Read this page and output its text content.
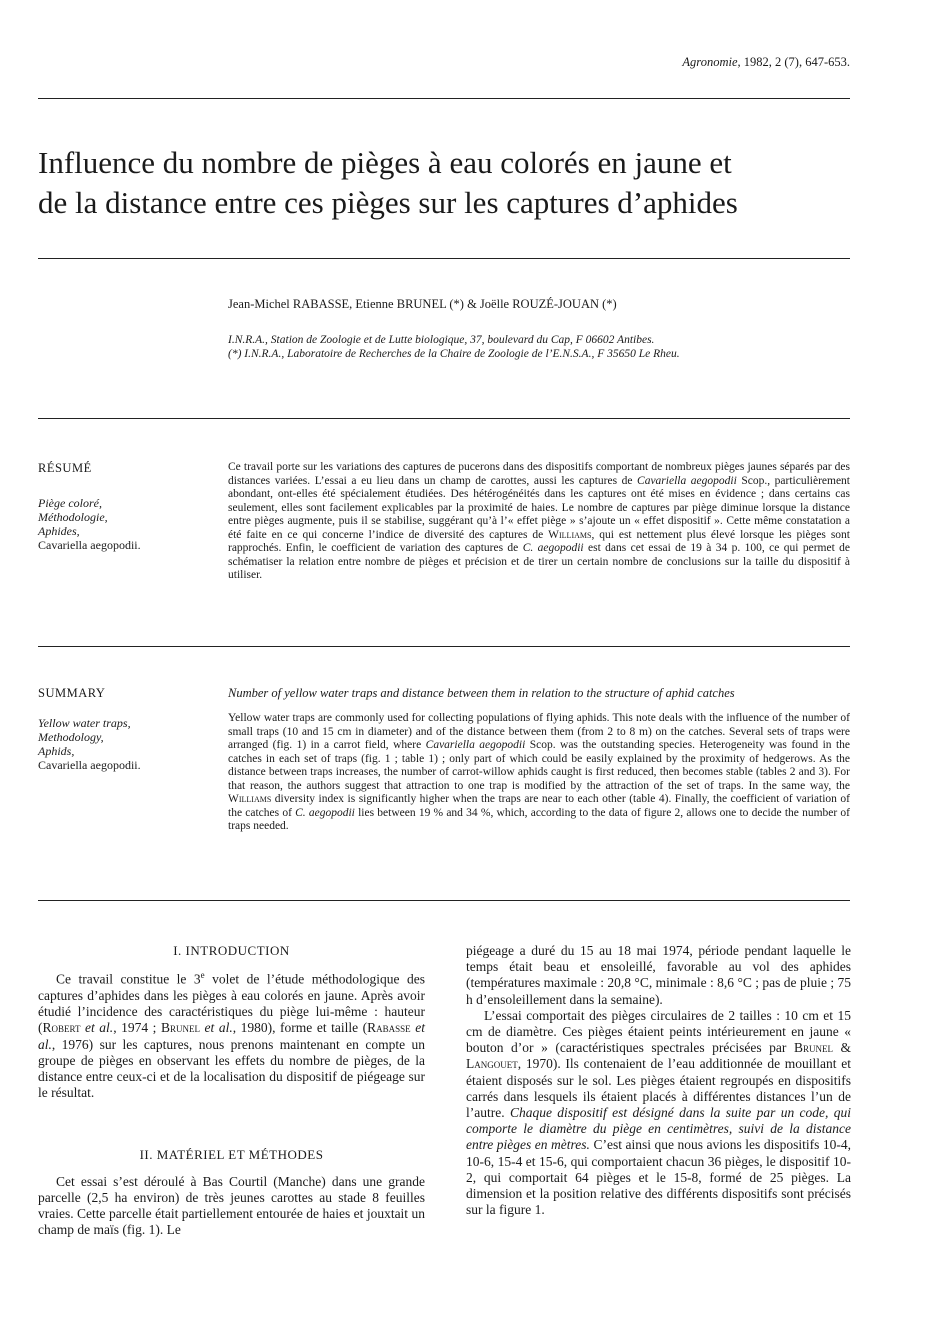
Agronomie, 1982, 2 (7), 647-653.
Influence du nombre de pièges à eau colorés en jaune et
de la distance entre ces pièges sur les captures d’aphides
Jean-Michel RABASSE, Etienne BRUNEL (*) & Joëlle ROUZÉ-JOUAN (*)
I.N.R.A., Station de Zoologie et de Lutte biologique, 37, boulevard du Cap, F 06602 Antibes.
(*) I.N.R.A., Laboratoire de Recherches de la Chaire de Zoologie de l’E.N.S.A., F 35650 Le Rheu.
RÉSUMÉ
Piège coloré,
Méthodologie,
Aphides,
Cavariella aegopodii.
Ce travail porte sur les variations des captures de pucerons dans des dispositifs comportant de nombreux pièges jaunes séparés par des distances variées. L’essai a eu lieu dans un champ de carottes, aussi les captures de Cavariella aegopodii Scop., particulièrement abondant, ont-elles été spécialement étudiées. Des hétérogénéités dans les captures ont été mises en évidence ; dans certains cas seulement, elles sont facilement explicables par la proximité de haies. Le nombre de captures par piège diminue lorsque la distance entre pièges augmente, puis il se stabilise, suggérant qu’à l’« effet piège » s’ajoute un « effet dispositif ». Cette même constatation a été faite en ce qui concerne l’indice de diversité des captures de Williams, qui est nettement plus élevé lorsque les pièges sont rapprochés. Enfin, le coefficient de variation des captures de C. aegopodii est dans cet essai de 19 à 34 p. 100, ce qui permet de schématiser la relation entre nombre de pièges et précision et de tirer un certain nombre de conclusions sur la taille du dispositif à utiliser.
SUMMARY
Yellow water traps,
Methodology,
Aphids,
Cavariella aegopodii.
Number of yellow water traps and distance between them in relation to the structure of aphid catches
Yellow water traps are commonly used for collecting populations of flying aphids. This note deals with the influence of the number of small traps (10 and 15 cm in diameter) and of the distance between them (from 2 to 8 m) on the catches. Several sets of traps were arranged (fig. 1) in a carrot field, where Cavariella aegopodii Scop. was the outstanding species. Heterogeneity was found in the catches in each set of traps (fig. 1 ; table 1) ; only part of which could be easily explained by the proximity of hedgerows. As the distance between traps increases, the number of carrot-willow aphids caught is first reduced, then becomes stable (tables 2 and 3). For that reason, the authors suggest that attraction to one trap is modified by the attraction of the set of traps. In the same way, the Williams diversity index is significantly higher when the traps are near to each other (table 4). Finally, the coefficient of variation of the catches of C. aegopodii lies between 19 % and 34 %, which, according to the data of figure 2, allows one to decide the number of traps needed.
I. INTRODUCTION

Ce travail constitue le 3e volet de l’étude méthodologique des captures d’aphides dans les pièges à eau colorés en jaune. Après avoir étudié l’incidence des caractéristiques du piège lui-même : hauteur (Robert et al., 1974 ; Brunel et al., 1980), forme et taille (Rabasse et al., 1976) sur les captures, nous prenons maintenant en compte un groupe de pièges en observant les effets du nombre de pièges, de la distance entre ceux-ci et de la localisation du dispositif de piégeage sur le résultat.

II. MATÉRIEL ET MÉTHODES

Cet essai s’est déroulé à Bas Courtil (Manche) dans une grande parcelle (2,5 ha environ) de très jeunes carottes au stade 8 feuilles vraies. Cette parcelle était partiellement entourée de haies et jouxtait un champ de maïs (fig. 1). Le

piégeage a duré du 15 au 18 mai 1974, période pendant laquelle le temps était beau et ensoleillé, favorable au vol des aphides (températures maximale : 20,8 °C, minimale : 8,6 °C ; pas de pluie ; 75 h d’ensoleillement dans la semaine).

L’essai comportait des pièges circulaires de 2 tailles : 10 cm et 15 cm de diamètre. Ces pièges étaient peints intérieurement en jaune « bouton d’or » (caractéristiques spectrales précisées par Brunel & Langouet, 1970). Ils contenaient de l’eau additionnée de mouillant et étaient disposés sur le sol. Les pièges étaient regroupés en dispositifs carrés dans lesquels ils étaient placés à différentes distances l’un de l’autre. Chaque dispositif est désigné dans la suite par un code, qui comporte le diamètre du piège en centimètres, suivi de la distance entre pièges en mètres. C’est ainsi que nous avions les dispositifs 10-4, 10-6, 15-4 et 15-6, qui comportaient chacun 36 pièges, le dispositif 10-2, qui comportait 64 pièges et le 15-8, formé de 25 pièges. La dimension et la position relative des différents dispositifs sont précisés sur la figure 1.
